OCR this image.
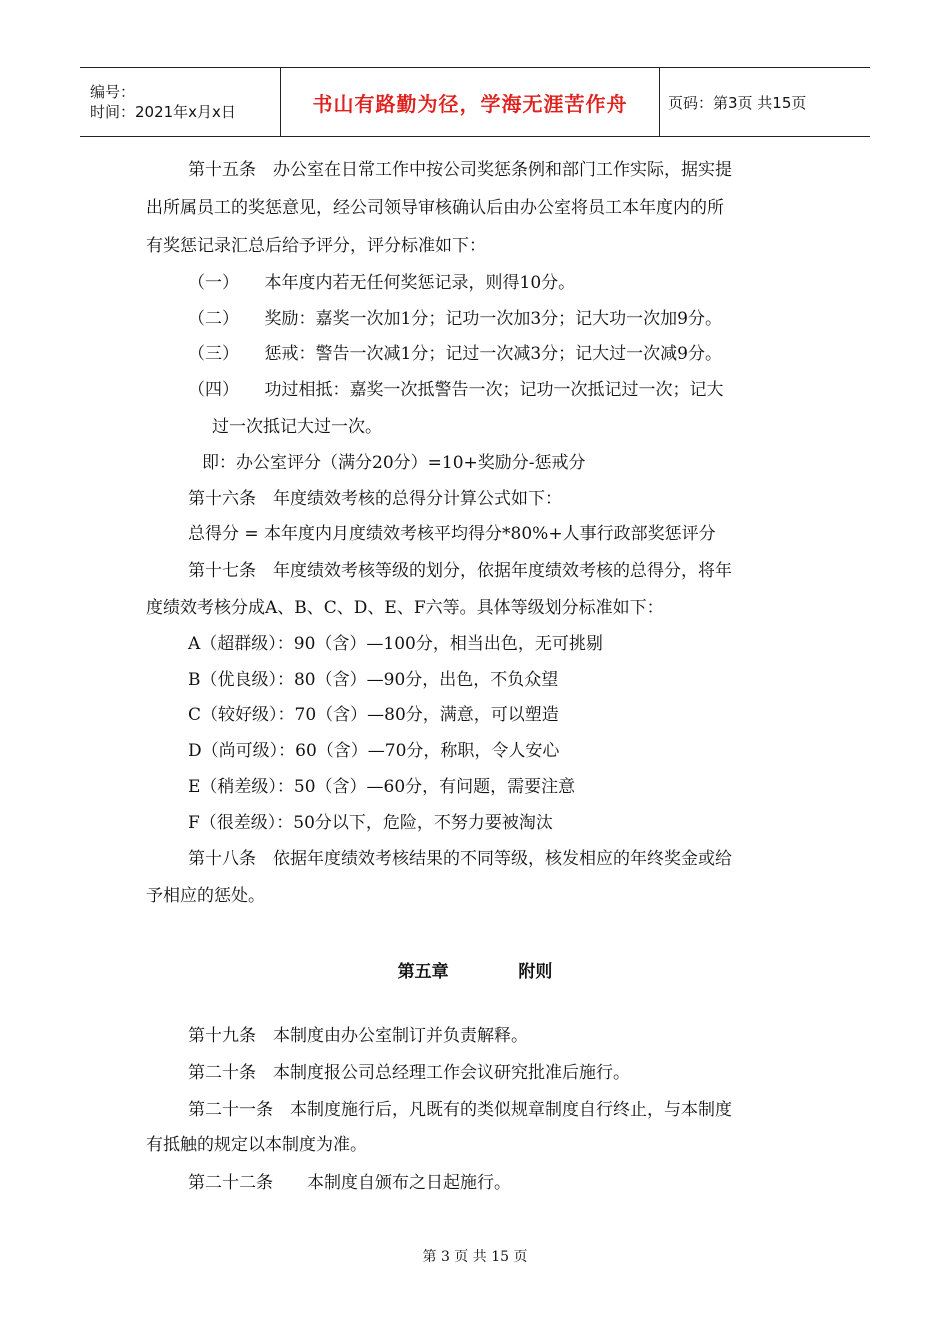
编号：
时间：2021年x月x日	书山有路勤为径，学海无涯苦作舟	页码：第3页 共15页
第十五条　办公室在日常工作中按公司奖惩条例和部门工作实际，据实提
出所属员工的奖惩意见，经公司领导审核确认后由办公室将员工本年度内的所
有奖惩记录汇总后给予评分，评分标准如下：
（一）　　本年度内若无任何奖惩记录，则得10分。
（二）　　奖励：嘉奖一次加1分；记功一次加3分；记大功一次加9分。
（三）　　惩戒：警告一次减1分；记过一次减3分；记大过一次减9分。
（四）　　功过相抵：嘉奖一次抵警告一次；记功一次抵记过一次；记大
过一次抵记大过一次。
即：办公室评分（满分20分）=10+奖励分-惩戒分
第十六条　年度绩效考核的总得分计算公式如下：
总得分 = 本年度内月度绩效考核平均得分*80%+人事行政部奖惩评分
第十七条　年度绩效考核等级的划分，依据年度绩效考核的总得分，将年
度绩效考核分成A、B、C、D、E、F六等。具体等级划分标准如下：
A（超群级）：90（含）—100分，相当出色，无可挑剔
B（优良级）：80（含）—90分，出色，不负众望
C（较好级）：70（含）—80分，满意，可以塑造
D（尚可级）：60（含）—70分，称职，令人安心
E（稍差级）：50（含）—60分，有问题，需要注意
F（很差级）：50分以下，危险，不努力要被淘汰
第十八条　依据年度绩效考核结果的不同等级，核发相应的年终奖金或给
予相应的惩处。
第五章	附则
第十九条　本制度由办公室制订并负责解释。
第二十条　本制度报公司总经理工作会议研究批准后施行。
第二十一条　本制度施行后，凡既有的类似规章制度自行终止，与本制度
有抵触的规定以本制度为准。
第二十二条　　本制度自颁布之日起施行。
第 3 页 共 15 页
